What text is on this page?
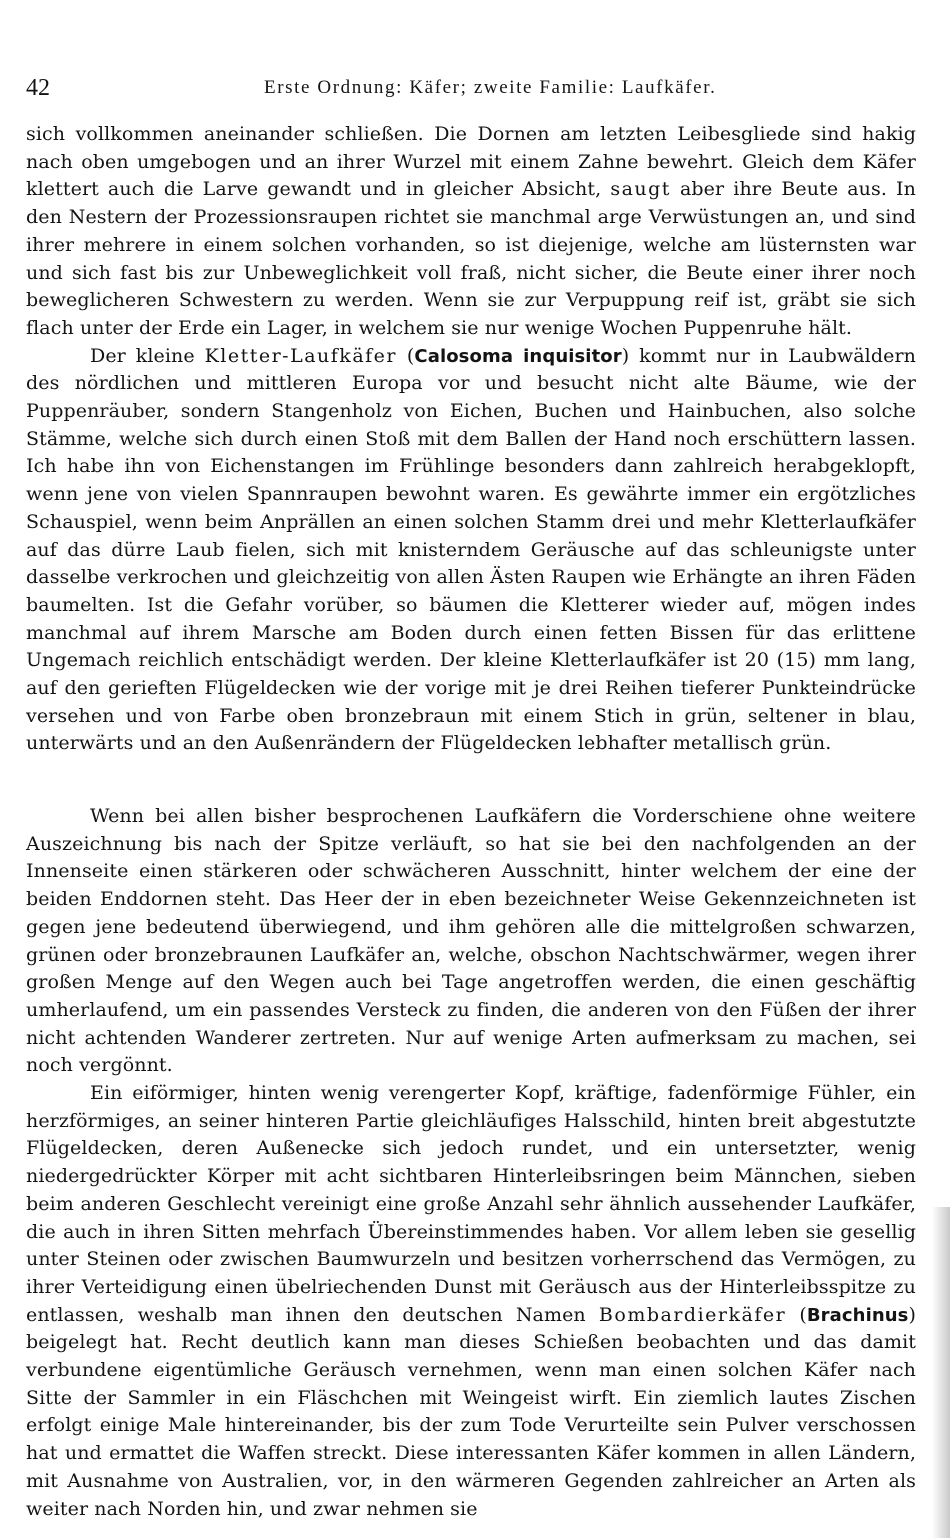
42	Erste Ordnung: Käfer; zweite Familie: Laufkäfer.

sich vollkommen aneinander schließen. Die Dornen am letzten Leibesgliede sind hakig nach oben umgebogen und an ihrer Wurzel mit einem Zahne bewehrt. Gleich dem Käfer klettert auch die Larve gewandt und in gleicher Absicht, saugt aber ihre Beute aus. In den Nestern der Prozessionsraupen richtet sie manchmal arge Verwüstungen an, und sind ihrer mehrere in einem solchen vorhanden, so ist diejenige, welche am lüsternsten war und sich fast bis zur Unbeweglichkeit voll fraß, nicht sicher, die Beute einer ihrer noch beweglicheren Schwestern zu werden. Wenn sie zur Verpuppung reif ist, gräbt sie sich flach unter der Erde ein Lager, in welchem sie nur wenige Wochen Puppenruhe hält.

Der kleine Kletter-Laufkäfer (Calosoma inquisitor) kommt nur in Laubwäldern des nördlichen und mittleren Europa vor und besucht nicht alte Bäume, wie der Puppenräuber, sondern Stangenholz von Eichen, Buchen und Hainbuchen, also solche Stämme, welche sich durch einen Stoß mit dem Ballen der Hand noch erschüttern lassen. Ich habe ihn von Eichenstangen im Frühlinge besonders dann zahlreich herabgeklopft, wenn jene von vielen Spannraupen bewohnt waren. Es gewährte immer ein ergötzliches Schauspiel, wenn beim Anprällen an einen solchen Stamm drei und mehr Kletterlaufkäfer auf das dürre Laub fielen, sich mit knisterndem Geräusche auf das schleunigste unter dasselbe verkrochen und gleichzeitig von allen Ästen Raupen wie Erhängte an ihren Fäden baumelten. Ist die Gefahr vorüber, so bäumen die Kletterer wieder auf, mögen indes manchmal auf ihrem Marsche am Boden durch einen fetten Bissen für das erlittene Ungemach reichlich entschädigt werden. Der kleine Kletterlaufkäfer ist 20 (15) mm lang, auf den gerieften Flügeldecken wie der vorige mit je drei Reihen tieferer Punkteindrücke versehen und von Farbe oben bronzebraun mit einem Stich in grün, seltener in blau, unterwärts und an den Außenrändern der Flügeldecken lebhafter metallisch grün.

Wenn bei allen bisher besprochenen Laufkäfern die Vorderschiene ohne weitere Auszeichnung bis nach der Spitze verläuft, so hat sie bei den nachfolgenden an der Innenseite einen stärkeren oder schwächeren Ausschnitt, hinter welchem der eine der beiden Enddornen steht. Das Heer der in eben bezeichneter Weise Gekennzeichneten ist gegen jene bedeutend überwiegend, und ihm gehören alle die mittelgroßen schwarzen, grünen oder bronzebraunen Laufkäfer an, welche, obschon Nachtschwärmer, wegen ihrer großen Menge auf den Wegen auch bei Tage angetroffen werden, die einen geschäftig umherlaufend, um ein passendes Versteck zu finden, die anderen von den Füßen der ihrer nicht achtenden Wanderer zertreten. Nur auf wenige Arten aufmerksam zu machen, sei noch vergönnt.

Ein eiförmiger, hinten wenig verengerter Kopf, kräftige, fadenförmige Fühler, ein herzförmiges, an seiner hinteren Partie gleichläufiges Halsschild, hinten breit abgestutzte Flügeldecken, deren Außenecke sich jedoch rundet, und ein untersetzter, wenig niedergedrückter Körper mit acht sichtbaren Hinterleibsringen beim Männchen, sieben beim anderen Geschlecht vereinigt eine große Anzahl sehr ähnlich aussehender Laufkäfer, die auch in ihren Sitten mehrfach Übereinstimmendes haben. Vor allem leben sie gesellig unter Steinen oder zwischen Baumwurzeln und besitzen vorherrschend das Vermögen, zu ihrer Verteidigung einen übelriechenden Dunst mit Geräusch aus der Hinterleibsspitze zu entlassen, weshalb man ihnen den deutschen Namen Bombardierkäfer (Brachinus) beigelegt hat. Recht deutlich kann man dieses Schießen beobachten und das damit verbundene eigentümliche Geräusch vernehmen, wenn man einen solchen Käfer nach Sitte der Sammler in ein Fläschchen mit Weingeist wirft. Ein ziemlich lautes Zischen erfolgt einige Male hintereinander, bis der zum Tode Verurteilte sein Pulver verschossen hat und ermattet die Waffen streckt. Diese interessanten Käfer kommen in allen Ländern, mit Ausnahme von Australien, vor, in den wärmeren Gegenden zahlreicher an Arten als weiter nach Norden hin, und zwar nehmen sie
